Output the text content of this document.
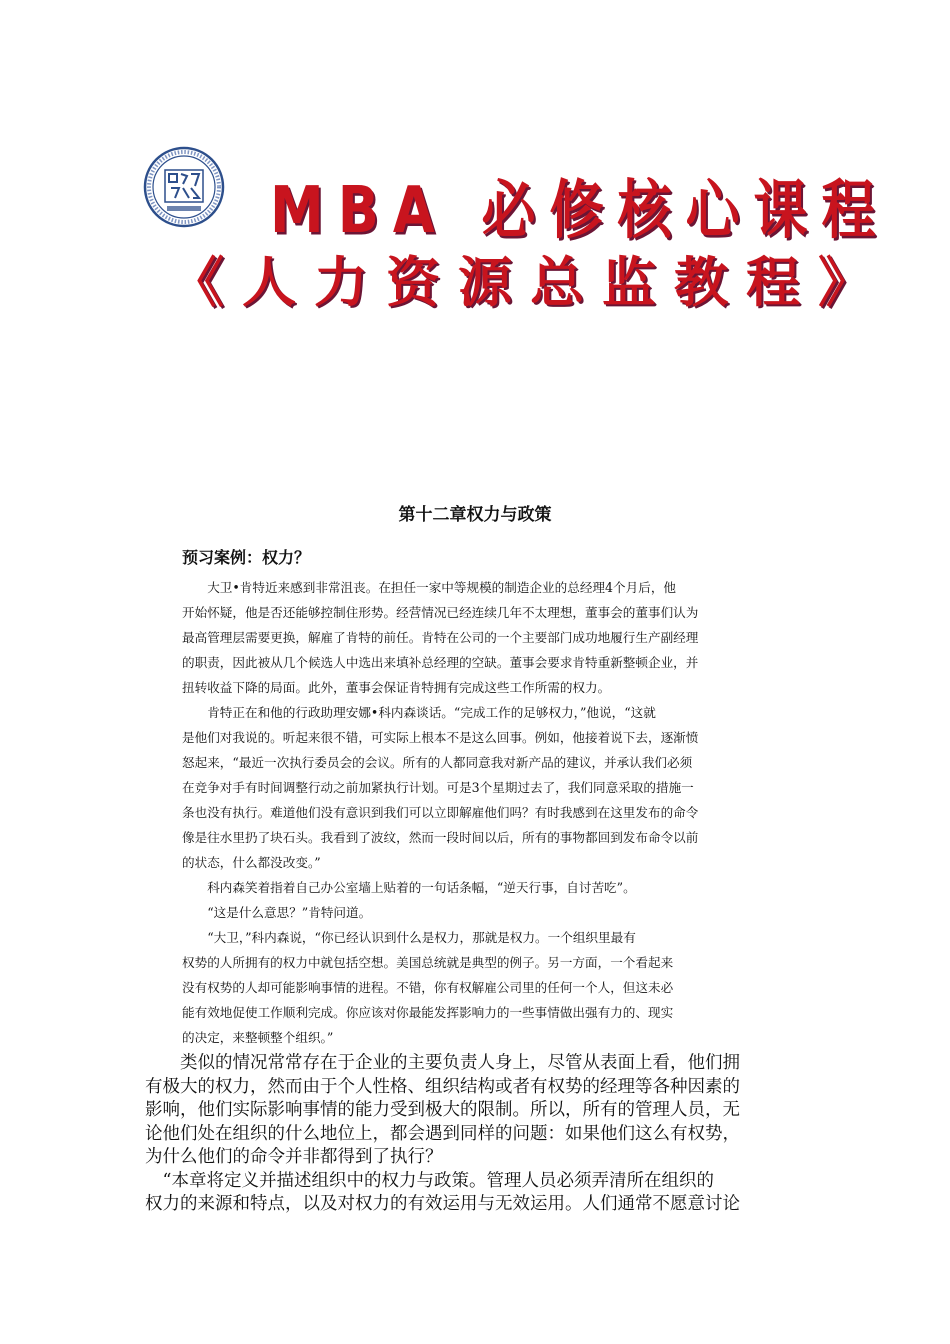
MBA 必修核心课程
《人力资源总监教程》
第十二章权力与政策
预习案例：权力？
　　大卫•肯特近来感到非常沮丧。在担任一家中等规模的制造企业的总经理4个月后，他
开始怀疑，他是否还能够控制住形势。经营情况已经连续几年不太理想，董事会的董事们认为
最高管理层需要更换，解雇了肯特的前任。肯特在公司的一个主要部门成功地履行生产副经理
的职责，因此被从几个候选人中选出来填补总经理的空缺。董事会要求肯特重新整顿企业，并
扭转收益下降的局面。此外，董事会保证肯特拥有完成这些工作所需的权力。
　　肯特正在和他的行政助理安娜•科内森谈话。“完成工作的足够权力，”他说，“这就
是他们对我说的。听起来很不错，可实际上根本不是这么回事。例如，他接着说下去，逐渐愤
怒起来，“最近一次执行委员会的会议。所有的人都同意我对新产品的建议，并承认我们必须
在竞争对手有时间调整行动之前加紧执行计划。可是3个星期过去了，我们同意采取的措施一
条也没有执行。难道他们没有意识到我们可以立即解雇他们吗？有时我感到在这里发布的命令
像是往水里扔了块石头。我看到了波纹，然而一段时间以后，所有的事物都回到发布命令以前
的状态，什么都没改变。”
　　科内森笑着指着自己办公室墙上贴着的一句话条幅，“逆天行事，自讨苦吃”。
　　“这是什么意思？”肯特问道。
　　“大卫，”科内森说，“你已经认识到什么是权力，那就是权力。一个组织里最有
权势的人所拥有的权力中就包括空想。美国总统就是典型的例子。另一方面，一个看起来
没有权势的人却可能影响事情的进程。不错，你有权解雇公司里的任何一个人，但这未必
能有效地促使工作顺利完成。你应该对你最能发挥影响力的一些事情做出强有力的、现实
的决定，来整顿整个组织。”
　　类似的情况常常存在于企业的主要负责人身上，尽管从表面上看，他们拥
有极大的权力，然而由于个人性格、组织结构或者有权势的经理等各种因素的
影响，他们实际影响事情的能力受到极大的限制。所以，所有的管理人员，无
论他们处在组织的什么地位上，都会遇到同样的问题：如果他们这么有权势，
为什么他们的命令并非都得到了执行？
　“本章将定义并描述组织中的权力与政策。管理人员必须弄清所在组织的
权力的来源和特点，以及对权力的有效运用与无效运用。人们通常不愿意讨论
